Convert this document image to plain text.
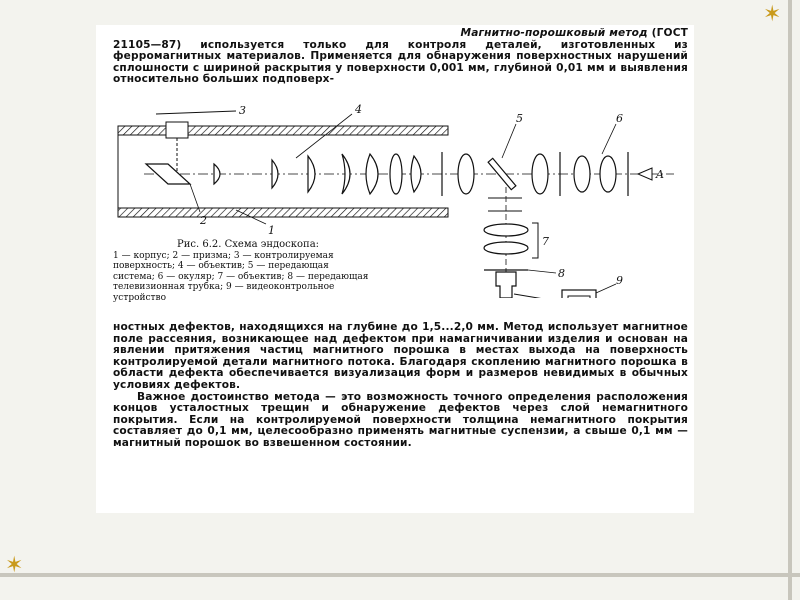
✶
✶

Магнитно-порошковый метод (ГОСТ 21105—87) используется только для контроля деталей, изготовленных из ферромагнитных материалов. Применяется для обнаружения поверхностных нарушений сплошности с шириной раскрытия у поверхности 0,001 мм, глубиной 0,01 мм и выявления относительно больших подповерх-

3	4
5	6
A
2
1
7
8
9
Рис. 6.2. Схема эндоскопа:
1 — корпус; 2 — призма; 3 — контролируемая поверхность; 4 — объектив; 5 — передающая система; 6 — окуляр; 7 — объектив; 8 — передающая телевизионная трубка; 9 — видеоконтрольное устройство
ностных дефектов, находящихся на глубине до 1,5...2,0 мм. Метод использует магнитное поле рассеяния, возникающее над дефектом при намагничивании изделия и основан на явлении притяжения частиц магнитного порошка в местах выхода на поверхность контролируемой детали магнитного потока. Благодаря скоплению магнитного порошка в области дефекта обеспечивается визуализация форм и размеров невидимых в обычных условиях дефектов.
Важное достоинство метода — это возможность точного определения расположения концов усталостных трещин и обнаружение дефектов через слой немагнитного покрытия. Если на контролируемой поверхности толщина немагнитного покрытия составляет до 0,1 мм, целесообразно применять магнитные суспензии, а свыше 0,1 мм — магнитный порошок во взвешенном состоянии.
